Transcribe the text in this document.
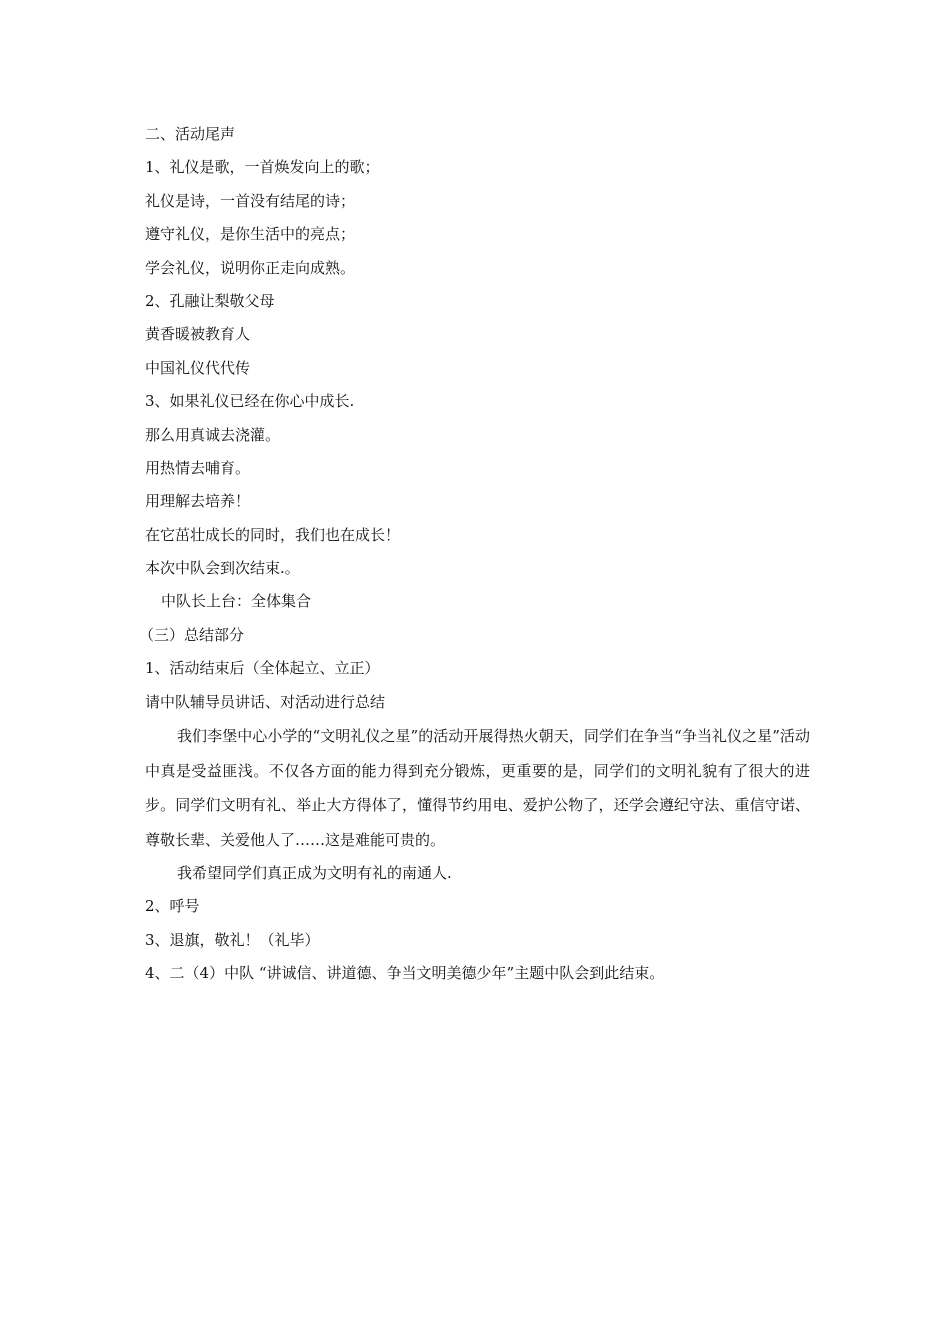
二、活动尾声
1、礼仪是歌，一首焕发向上的歌；
礼仪是诗，一首没有结尾的诗；
遵守礼仪，是你生活中的亮点；
学会礼仪，说明你正走向成熟。
2、孔融让梨敬父母
黄香暖被教育人
中国礼仪代代传
3、如果礼仪已经在你心中成长.
那么用真诚去浇灌。
用热情去哺育。
用理解去培养！
在它茁壮成长的同时，我们也在成长！
本次中队会到次结束.。
中队长上台：全体集合
（三）总结部分
1、活动结束后（全体起立、立正）
请中队辅导员讲话、对活动进行总结

我们李堡中心小学的“文明礼仪之星”的活动开展得热火朝天，同学们在争当“争当礼仪之星”活动中真是受益匪浅。不仅各方面的能力得到充分锻炼，更重要的是，同学们的文明礼貌有了很大的进步。同学们文明有礼、举止大方得体了，懂得节约用电、爱护公物了，还学会遵纪守法、重信守诺、尊敬长辈、关爱他人了……这是难能可贵的。

我希望同学们真正成为文明有礼的南通人.
2、呼号
3、退旗，敬礼！（礼毕）
4、二（4）中队 “讲诚信、讲道德、争当文明美德少年”主题中队会到此结束。
